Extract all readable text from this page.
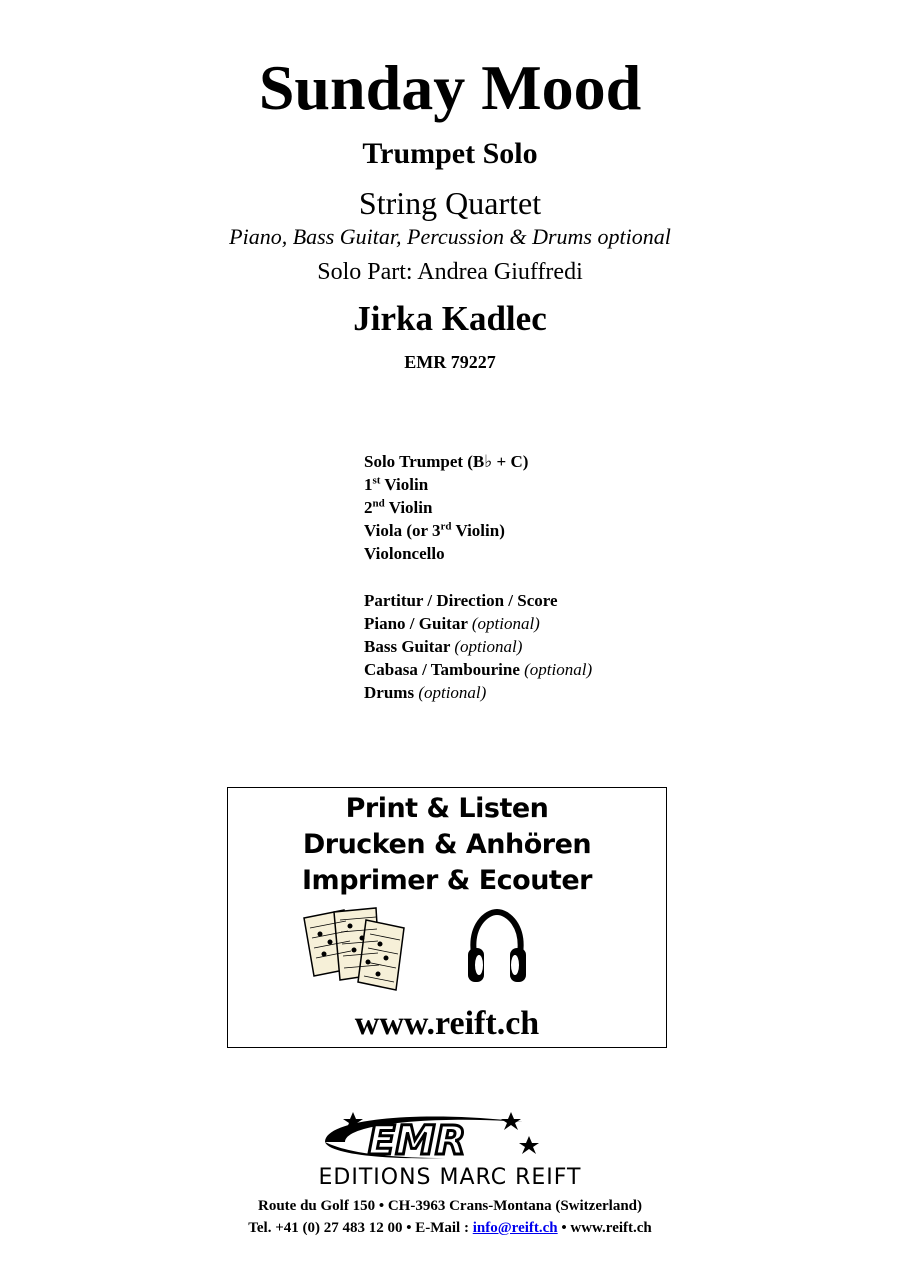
Sunday Mood
Trumpet Solo
String Quartet
Piano, Bass Guitar, Percussion & Drums optional
Solo Part: Andrea Giuffredi
Jirka Kadlec
EMR 79227
Solo Trumpet (B♭ + C)
1st Violin
2nd Violin
Viola (or 3rd Violin)
Violoncello
Partitur / Direction / Score
Piano / Guitar (optional)
Bass Guitar (optional)
Cabasa / Tambourine (optional)
Drums (optional)
Print & Listen
Drucken & Anhören
Imprimer & Ecouter
www.reift.ch
EMR
EDITIONS MARC REIFT
Route du Golf 150 • CH-3963 Crans-Montana (Switzerland)
Tel. +41 (0) 27 483 12 00 • E-Mail : info@reift.ch • www.reift.ch
